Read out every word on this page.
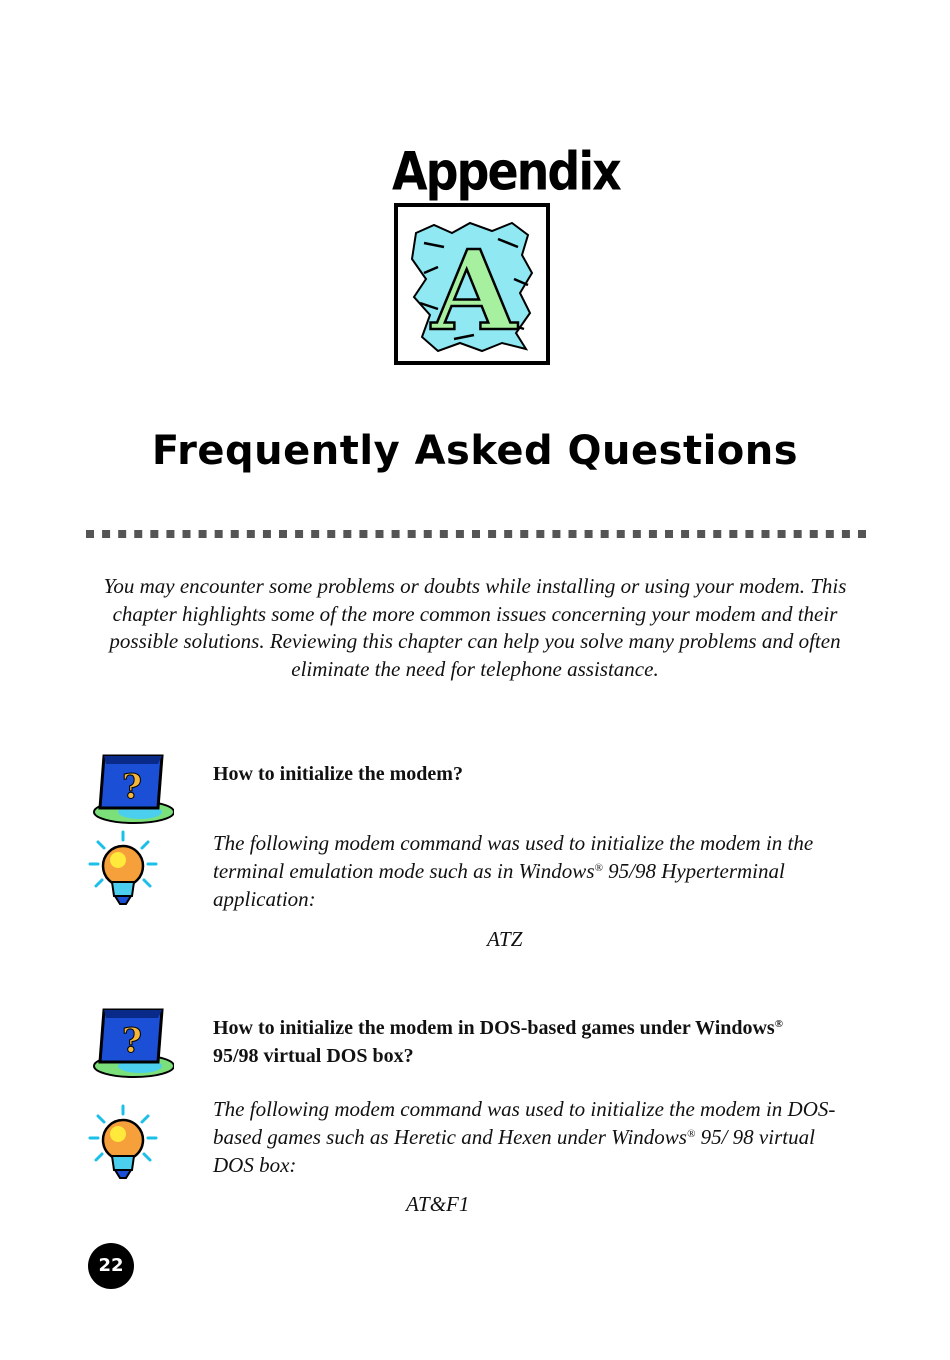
Appendix
A
Frequently Asked Questions
You may encounter some problems or doubts while installing or using your modem. This chapter highlights some of the more common issues concerning your modem and their possible solutions. Reviewing this chapter can help you solve many problems and often eliminate the need for telephone assistance.
?	How to initialize the modem?
The following modem command was used to initialize the modem in the terminal emulation mode such as in Windows® 95/98 Hyperterminal application:
ATZ
?	How to initialize the modem in DOS-based games under Windows® 95/98 virtual DOS box?
The following modem command was used to initialize the modem in DOS-based games such as Heretic and Hexen under Windows® 95/ 98 virtual DOS box:
AT&F1
22
